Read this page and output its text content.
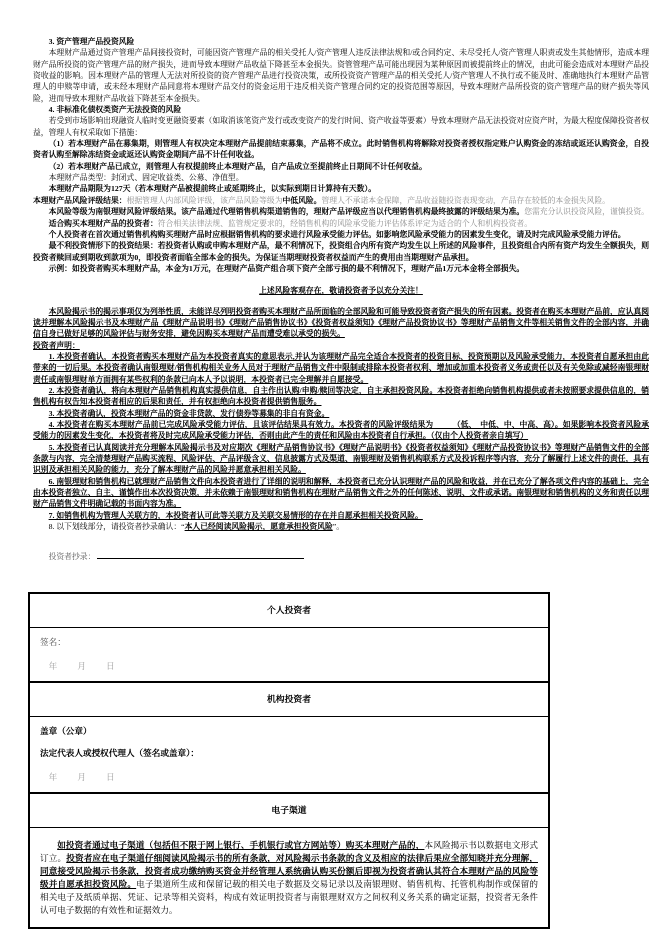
3. 资产管理产品投资风险

本理财产品通过资产管理产品间接投资时，可能因资产管理产品的相关受托人/资产管理人违反法律法规和/或合同约定、未尽受托人/资产管理人职责或发生其他情形，造成本理财产品所投资的资产管理产品的财产损失，进而导致本理财产品收益下降甚至本金损失。资管管理产品可能出现因为某种原因而被提前终止的情况，由此可能会造成对本理财产品投资收益的影响。因本理财产品的管理人无法对所投资的资产管理产品进行投资决策，或所投资资产管理产品的相关受托人/资产管理人不执行或不能及时、准确地执行本理财产品管理人的申赎等申请，或未经本理财产品同意将本理财产品交付的资金运用于违反相关资产管理合同约定的投资范围等原因，导致本理财产品所投资的资产管理产品的财产损失等风险，进而导致本理财产品收益下降甚至本金损失。

4. 非标准化债权类资产无法投资的风险

若受到市场影响出现融资人临时变更融资要素（如取消该笔资产发行或改变资产的发行时间、资产收益等要素）导致本理财产品无法投资对应资产时，为最大程度保障投资者权益，管理人有权采取如下措施：

（1）若本理财产品在募集期，则管理人有权决定本理财产品提前结束募集，产品将不成立。此时销售机构将解除对投资者授权指定账户认购资金的冻结或返还认购资金，自投资者认购至解除冻结资金或返还认购资金期间产品不计任何收益。

（2）若本理财产品已成立，则管理人有权提前终止本理财产品，自产品成立至提前终止日期间不计任何收益。

本理财产品类型：封闭式、固定收益类、公募、净值型。

本理财产品期限为127天（若本理财产品被提前终止或延期终止，以实际到期日计算持有天数）。

本理财产品风险评级结果：根据管理人内部风险评级，该产品风险等级为中低风险。管理人不承诺本金保障，产品收益随投资表现变动，产品存在较低的本金损失风险。

本风险等级为南银理财风险评级结果。该产品通过代理销售机构渠道销售的，理财产品评级应当以代理销售机构最终披露的评级结果为准。您需充分认识投资风险，谨慎投资。

适合购买本理财产品的投资者：符合相关法律法规、监管规定要求的，经销售机构的风险承受能力评估体系评定为适合的个人和机构投资者。

个人投资者在首次通过销售机构购买理财产品时应根据销售机构的要求进行风险承受能力评估。如影响您风险承受能力的因素发生变化，请及时完成风险承受能力评估。

最不利投资情形下的投资结果：若投资者认购或申购本理财产品，最不利情况下，投资组合内所有资产均发生以上所述的风险事件，且投资组合内所有资产均发生全额损失，则投资者赎回或到期收到款项为0，即投资者面临全部本金的损失。为保证当期理财投资者权益而产生的费用由当期理财产品承担。

示例：如投资者购买本理财产品，本金为1万元，在理财产品资产组合项下资产全部亏损的最不利情况下，理财产品1万元本金将全部损失。

上述风险客观存在，敬请投资者予以充分关注！

本风险揭示书的揭示事项仅为列举性质，未能详尽列明投资者购买本理财产品所面临的全部风险和可能导致投资者资产损失的所有因素。投资者在购买本理财产品前，应认真阅读并理解本风险揭示书及本理财产品《理财产品说明书》《理财产品销售协议书》《投资者权益须知》《理财产品投资协议书》等理财产品销售文件等相关销售文件的全部内容，并确信自身已做好足够的风险评估与财务安排，避免因购买本理财产品而遭受难以承受的损失。

投资者声明：

1. 本投资者确认，本投资者购买本理财产品为本投资者真实的意思表示,并认为该理财产品完全适合本投资者的投资目标、投资预期以及风险承受能力，本投资者自愿承担由此带来的一切后果。本投资者确认南银理财/销售机构相关业务人员对于理财产品销售文件中限制或排除本投资者权利、增加或加重本投资者义务或责任以及有关免除或减轻南银理财责任或南银理财单方面拥有某些权利的条款已向本人予以说明，本投资者已完全理解并自愿接受。

2. 本投资者确认，将向本理财产品销售机构真实提供信息，自主作出认购/申购/赎回等决定，自主承担投资风险。本投资者拒绝向销售机构提供或者未按照要求提供信息的，销售机构有权告知本投资者相应的后果和责任，并有权拒绝向本投资者提供销售服务。

3. 本投资者确认，投资本理财产品的资金非贷款、发行债券等募集的非自有资金。

4. 本投资者在购买本理财产品前已完成风险承受能力评估，且该评估结果具有效力。本投资者的风险评级结果为　　　（低、　中低、中、中高、高）。如果影响本投资者风险承受能力的因素发生变化，本投资者将及时完成风险承受能力评估，否则由此产生的责任和风险由本投资者自行承担。（仅由个人投资者亲自填写）

5. 本投资者已认真阅读并充分理解本风险揭示书及对应期次《理财产品销售协议书》《理财产品说明书》《投资者权益须知》《理财产品投资协议书》等理财产品销售文件的全部条款与内容，完全清楚理财产品购买流程、风险评估、产品评级含义、信息披露方式及渠道、南银理财及销售机构联系方式及投诉程序等内容，充分了解履行上述文件的责任，具有识别及承担相关风险的能力，充分了解本理财产品的风险并愿意承担相关风险。

6. 南银理财和销售机构已就理财产品销售文件向本投资者进行了详细的说明和解释，本投资者已充分认识理财产品的风险和收益，并在已充分了解各项文件内容的基础上，完全由本投资者独立、自主、谨慎作出本次投资决策，并未依赖于南银理财和销售机构在理财产品销售文件之外的任何陈述、说明、文件或承诺。南银理财和销售机构的义务和责任以理财产品销售文件明确记载的书面内容为准。

7. 如销售机构为管理人关联方的，本投资者认可此等关联方及关联交易情形的存在并自愿承担相关投资风险。

8. 以下划线部分，请投资者抄录确认：“本人已经阅读风险揭示，愿意承担投资风险”。

投资者抄录：

个人投资者
签名：
年　　月　　日
机构投资者
盖章（公章）
法定代表人或授权代理人（签名或盖章）：
年　　月　　日
电子渠道

如投资者通过电子渠道（包括但不限于网上银行、手机银行或官方网站等）购买本理财产品的，本风险揭示书以数据电文形式订立。投资者应在电子渠道仔细阅读风险揭示书的所有条款，对风险揭示书条款的含义及相应的法律后果应全部知晓并充分理解，同意接受风险揭示书条款，投资者成功缴纳购买资金并经管理人系统确认购买份额后即视为投资者确认其符合本理财产品的风险等级并自愿承担投资风险。电子渠道所生成和保留记载的相关电子数据及交易记录以及南银理财、销售机构、托管机构制作或保留的相关电子及纸质单据、凭证、记录等相关资料，构成有效证明投资者与南银理财双方之间权利义务关系的确定证据，投资者无条件认可电子数据的有效性和证据效力。
